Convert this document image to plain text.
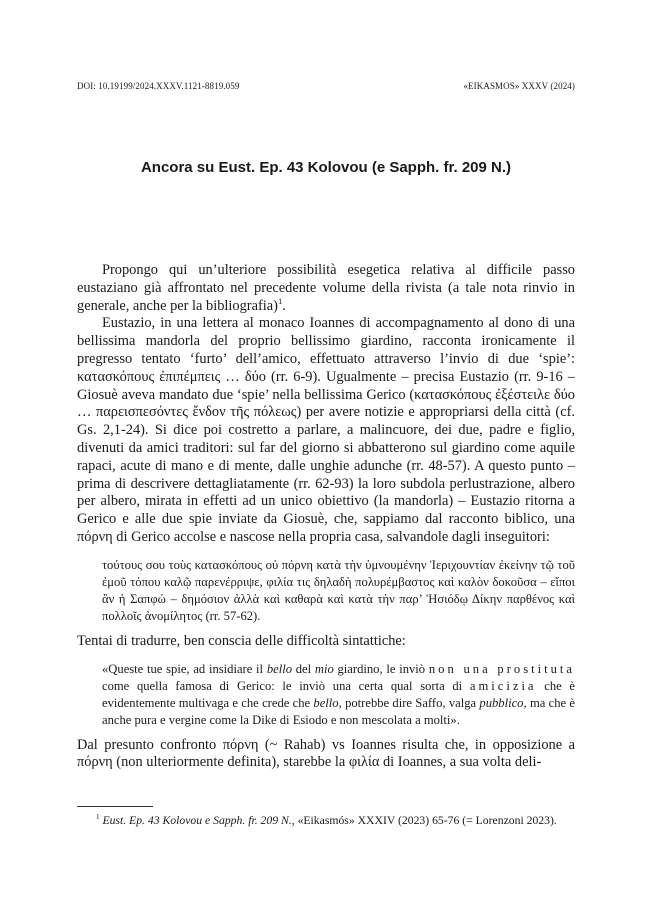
DOI: 10.19199/2024.XXXV.1121-8819.059	«EIKASMOS» XXXV (2024)
Ancora su Eust. Ep. 43 Kolovou (e Sapph. fr. 209 N.)

Propongo qui un’ulteriore possibilità esegetica relativa al difficile passo eustaziano già affrontato nel precedente volume della rivista (a tale nota rinvio in generale, anche per la bibliografia)$^1$.

Eustazio, in una lettera al monaco Ioannes di accompagnamento al dono di una bellissima mandorla del proprio bellissimo giardino, racconta ironicamente il pregresso tentato ‘furto’ dell’amico, effettuato attraverso l’invio di due ‘spie’: κατασκόπους ἐπιπέμπεις … δύο (rr. 6-9). Ugualmente – precisa Eustazio (rr. 9-16 – Giosuè aveva mandato due ‘spie’ nella bellissima Gerico (κατασκόπους ἐξέστειλε δύο … παρεισπεσόντες ἔνδον τῆς πόλεως) per avere notizie e appropriarsi della città (cf. Gs. 2,1-24). Si dice poi costretto a parlare, a malincuore, dei due, padre e figlio, divenuti da amici traditori: sul far del giorno si abbatterono sul giardino come aquile rapaci, acute di mano e di mente, dalle unghie adunche (rr. 48-57). A questo punto – prima di descrivere dettagliatamente (rr. 62-93) la loro subdola perlustrazione, albero per albero, mirata in effetti ad un unico obiettivo (la mandorla) – Eustazio ritorna a Gerico e alle due spie inviate da Giosuè, che, sappiamo dal racconto biblico, una πόρνη di Gerico accolse e nascose nella propria casa, salvandole dagli inseguitori:

τούτους σου τοὺς κατασκόπους οὐ πόρνη κατὰ τὴν ὑμνουμένην Ἱεριχουντίαν ἐκείνην τῷ τοῦ ἐμοῦ τόπου καλῷ παρενέρριψε, φιλία τις δηλαδὴ πολυρέμβαστος καὶ καλὸν δοκοῦσα – εἴποι ἂν ἡ Σαπφώ – δημόσιον ἀλλὰ καὶ καθαρὰ καὶ κατὰ τὴν παρ’ Ἡσιόδῳ Δίκην παρθένος καὶ πολλοῖς ἀνομίλητος (rr. 57-62).

Tentai di tradurre, ben conscia delle difficoltà sintattiche:

«Queste tue spie, ad insidiare il bello del mio giardino, le inviò non una prostituta come quella famosa di Gerico: le inviò una certa qual sorta di amicizia che è evidentemente multivaga e che crede che bello, potrebbe dire Saffo, valga pubblico, ma che è anche pura e vergine come la Dike di Esiodo e non mescolata a molti».

Dal presunto confronto πόρνη (~ Rahab) vs Ioannes risulta che, in opposizione a πόρνη (non ulteriormente definita), starebbe la φιλία di Ioannes, a sua volta deli-

$^1$ Eust. Ep. 43 Kolovou e Sapph. fr. 209 N., «Eikasmós» XXXIV (2023) 65-76 (= Lorenzoni 2023).
